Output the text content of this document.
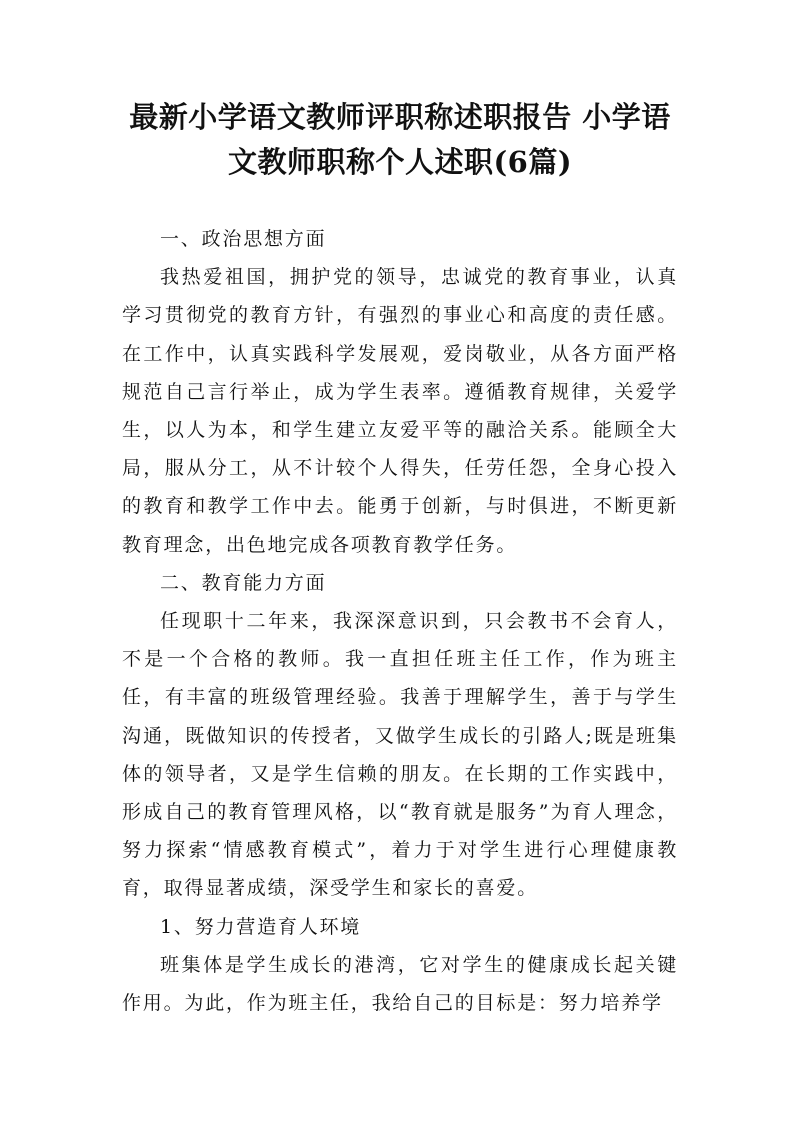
最新小学语文教师评职称述职报告 小学语
文教师职称个人述职(6篇)

一、政治思想方面

我热爱祖国，拥护党的领导，忠诚党的教育事业，认真学习贯彻党的教育方针，有强烈的事业心和高度的责任感。在工作中，认真实践科学发展观，爱岗敬业，从各方面严格规范自己言行举止，成为学生表率。遵循教育规律，关爱学生，以人为本，和学生建立友爱平等的融洽关系。能顾全大局，服从分工，从不计较个人得失，任劳任怨，全身心投入的教育和教学工作中去。能勇于创新，与时俱进，不断更新教育理念，出色地完成各项教育教学任务。

二、教育能力方面

任现职十二年来，我深深意识到，只会教书不会育人，不是一个合格的教师。我一直担任班主任工作，作为班主任，有丰富的班级管理经验。我善于理解学生，善于与学生沟通，既做知识的传授者，又做学生成长的引路人;既是班集体的领导者，又是学生信赖的朋友。在长期的工作实践中，形成自己的教育管理风格，以“教育就是服务”为育人理念，努力探索“情感教育模式”，着力于对学生进行心理健康教育，取得显著成绩，深受学生和家长的喜爱。

1、努力营造育人环境

班集体是学生成长的港湾，它对学生的健康成长起关键作用。为此，作为班主任，我给自己的目标是：努力培养学
